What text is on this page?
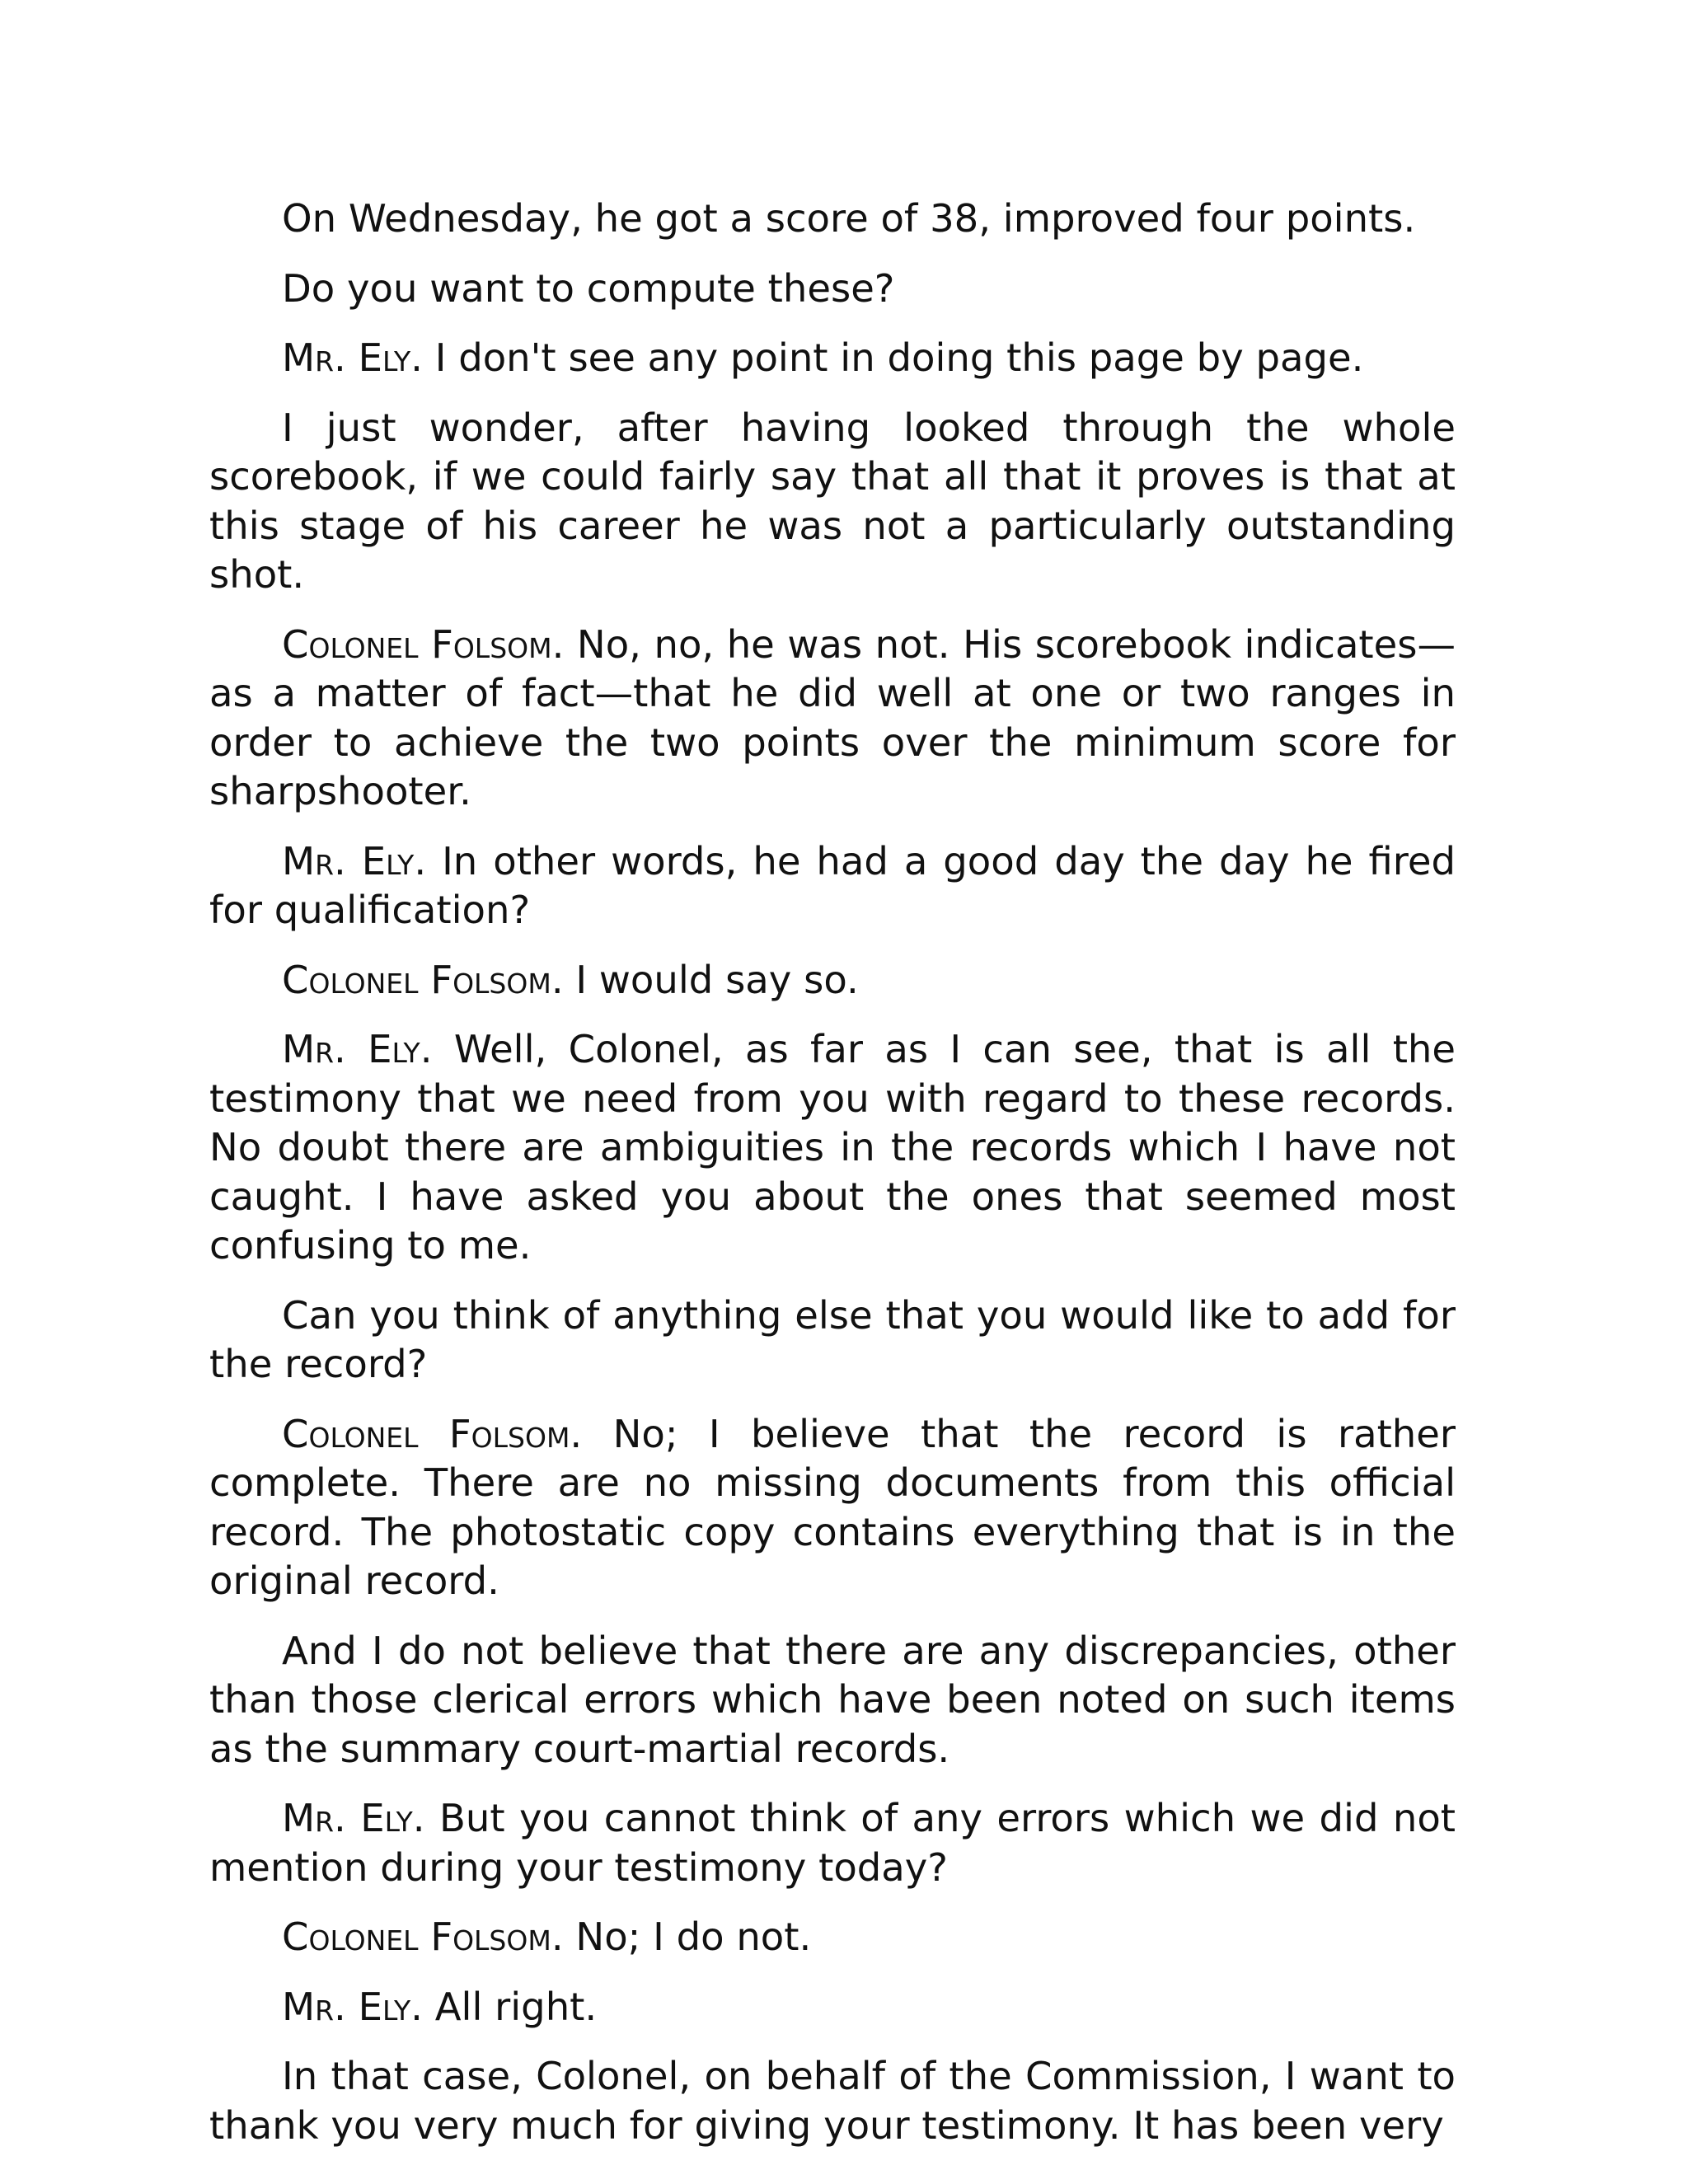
On Wednesday, he got a score of 38, improved four points.

Do you want to compute these?

Mr. Ely. I don't see any point in doing this page by page.

I just wonder, after having looked through the whole scorebook, if we could fairly say that all that it proves is that at this stage of his career he was not a particularly outstanding shot.

Colonel Folsom. No, no, he was not. His scorebook indicates—as a matter of fact—that he did well at one or two ranges in order to achieve the two points over the minimum score for sharpshooter.

Mr. Ely. In other words, he had a good day the day he fired for qualification?

Colonel Folsom. I would say so.

Mr. Ely. Well, Colonel, as far as I can see, that is all the testimony that we need from you with regard to these records. No doubt there are ambiguities in the records which I have not caught. I have asked you about the ones that seemed most confusing to me.

Can you think of anything else that you would like to add for the record?

Colonel Folsom. No; I believe that the record is rather complete. There are no missing documents from this official record. The photostatic copy contains everything that is in the original record.

And I do not believe that there are any discrepancies, other than those clerical errors which have been noted on such items as the summary court-martial records.

Mr. Ely. But you cannot think of any errors which we did not mention during your testimony today?

Colonel Folsom. No; I do not.

Mr. Ely. All right.

In that case, Colonel, on behalf of the Commission, I want to thank you very much for giving your testimony. It has been very
